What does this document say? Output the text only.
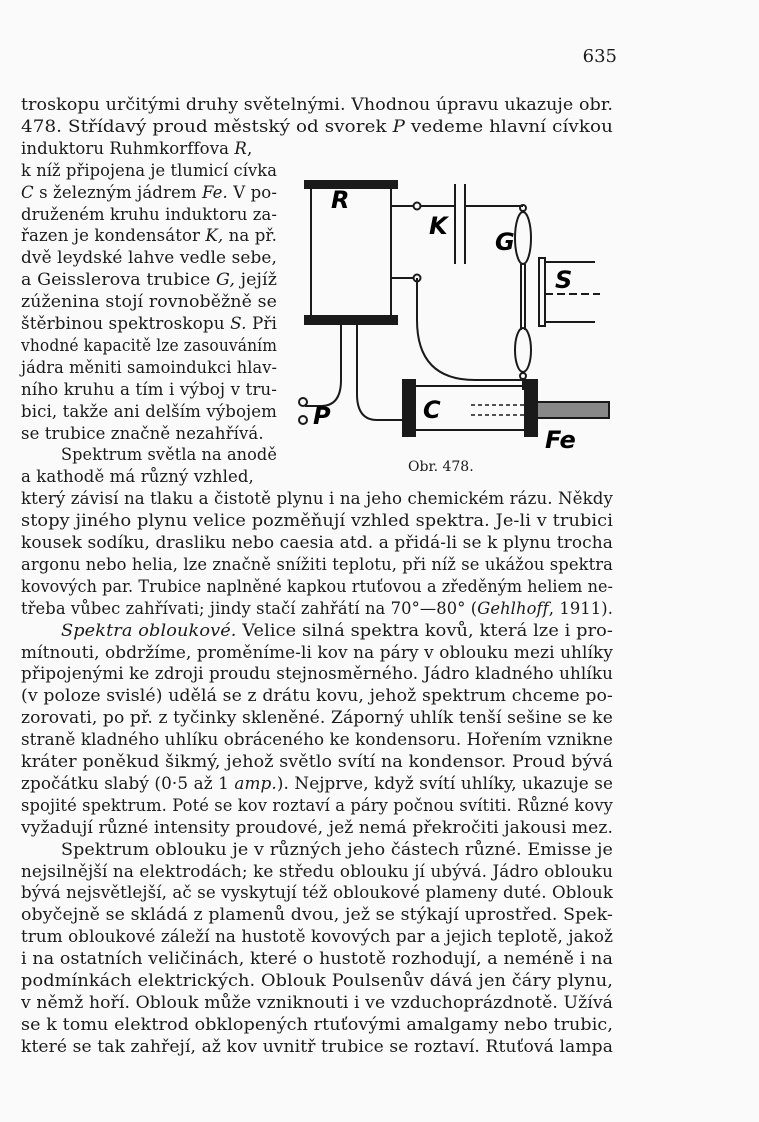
635
troskopu určitými druhy světelnými. Vhodnou úpravu ukazuje obr.
478. Střídavý proud městský od svorek P vedeme hlavní cívkou
induktoru Ruhmkorffova R,
k níž připojena je tlumicí cívka
C s železným jádrem Fe. V po-
druženém kruhu induktoru za-
řazen je kondensátor K, na př.
dvě leydské lahve vedle sebe,
a Geisslerova trubice G, jejíž
zúženina stojí rovnoběžně se
štěrbinou spektroskopu S. Při
vhodné kapacitě lze zasouváním
jádra měniti samoindukci hlav-
ního kruhu a tím i výboj v tru-
bici, takže ani delším výbojem
se trubice značně nezahřívá.
Spektrum světla na anodě
a kathodě má různý vzhled,
který závisí na tlaku a čistotě plynu i na jeho chemickém rázu. Někdy
stopy jiného plynu velice pozměňují vzhled spektra. Je-li v trubici
kousek sodíku, drasliku nebo caesia atd. a přidá-li se k plynu trocha
argonu nebo helia, lze značně snížiti teplotu, při níž se ukážou spektra
kovových par. Trubice naplněné kapkou rtuťovou a zředěným heliem ne-
třeba vůbec zahřívati; jindy stačí zahřátí na 70°—80° (Gehlhoff, 1911).
Spektra obloukové. Velice silná spektra kovů, která lze i pro-
mítnouti, obdržíme, proměníme-li kov na páry v oblouku mezi uhlíky
připojenými ke zdroji proudu stejnosměrného. Jádro kladného uhlíku
(v poloze svislé) udělá se z drátu kovu, jehož spektrum chceme po-
zorovati, po př. z tyčinky skleněné. Záporný uhlík tenší sešine se ke
straně kladného uhlíku obráceného ke kondensoru. Hořením vznikne
kráter poněkud šikmý, jehož světlo svítí na kondensor. Proud bývá
zpočátku slabý (0·5 až 1 amp.). Nejprve, když svítí uhlíky, ukazuje se
spojité spektrum. Poté se kov roztaví a páry počnou svítiti. Různé kovy
vyžadují různé intensity proudové, jež nemá překročiti jakousi mez.
Spektrum oblouku je v různých jeho částech různé. Emisse je
nejsilnější na elektrodách; ke středu oblouku jí ubývá. Jádro oblouku
bývá nejsvětlejší, ač se vyskytují též obloukové plameny duté. Oblouk
obyčejně se skládá z plamenů dvou, jež se stýkají uprostřed. Spek-
trum obloukové záleží na hustotě kovových par a jejich teplotě, jakož
i na ostatních veličinách, které o hustotě rozhodují, a neméně i na
podmínkách elektrických. Oblouk Poulsenův dává jen čáry plynu,
v němž hoří. Oblouk může vzniknouti i ve vzduchoprázdnotě. Užívá
se k tomu elektrod obklopených rtuťovými amalgamy nebo trubic,
které se tak zahřejí, až kov uvnitř trubice se roztaví. Rtuťová lampa
R
K
G
S
C
P
Fe
Obr. 478.
